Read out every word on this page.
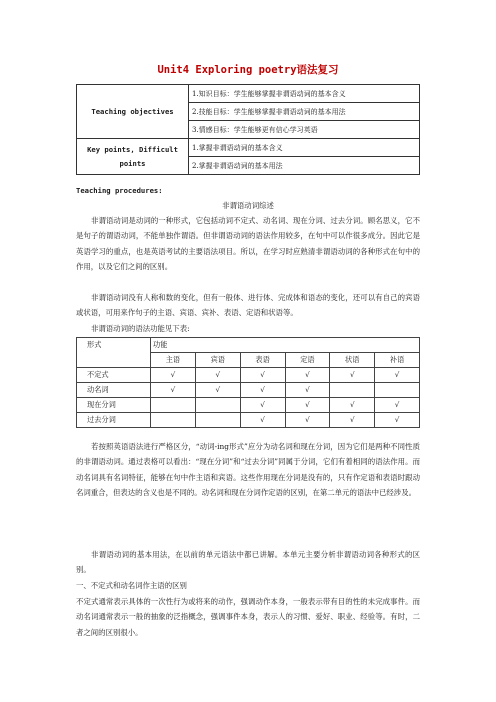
Unit4 Exploring poetry语法复习
Teaching objectives	1.知识目标：学生能够掌握非谓语动词的基本含义
	2.技能目标：学生能够掌握非谓语动词的基本用法
	3.情感目标：学生能够更有信心学习英语

Key points, Difficult
points	1.掌握非谓语动词的基本含义
	2.掌握非谓语动词的基本用法
Teaching procedures:
非谓语动词综述

非谓语动词是动词的一种形式，它包括动词不定式、动名词、现在分词、过去分词。顾名思义，它不是句子的谓语动词，不能单独作谓语。但非谓语动词的语法作用较多，在句中可以作很多成分。因此它是英语学习的重点，也是英语考试的主要语法项目。所以，在学习时应熟清非谓语动词的各种形式在句中的作用，以及它们之间的区别。

非谓语动词没有人称和数的变化，但有一般体、进行体、完成体和语态的变化，还可以有自己的宾语或状语，可用来作句子的主语、宾语、宾补、表语、定语和状语等。

非谓语动词的语法功能见下表:

形式	功能					
	主语	宾语	表语	定语	状语	补语
不定式	√	√	√	√	√	√
动名词	√	√	√	√		
现在分词			√	√	√	√
过去分词			√	√	√	√

若按照英语语法进行严格区分，“动词-ing形式”应分为动名词和现在分词，因为它们是两种不同性质的非谓语动词。通过表格可以看出：“现在分词”和“过去分词”同属于分词，它们有着相同的语法作用。而动名词具有名词特征，能够在句中作主语和宾语。这些作用现在分词是没有的，只有作定语和表语时跟动名词重合，但表达的含义也是不同的。动名词和现在分词作定语的区别，在第二单元的语法中已经涉及。

非谓语动词的基本用法，在以前的单元语法中都已讲解。本单元主要分析非谓语动词各种形式的区别。

一、不定式和动名词作主语的区别

不定式通常表示具体的一次性行为或将来的动作，强调动作本身，一般表示带有目的性的未完成事件。而动名词通常表示一般的抽象的泛指概念，强调事件本身，表示人的习惯、爱好、职业、经验等。有时，二者之间的区别很小。
